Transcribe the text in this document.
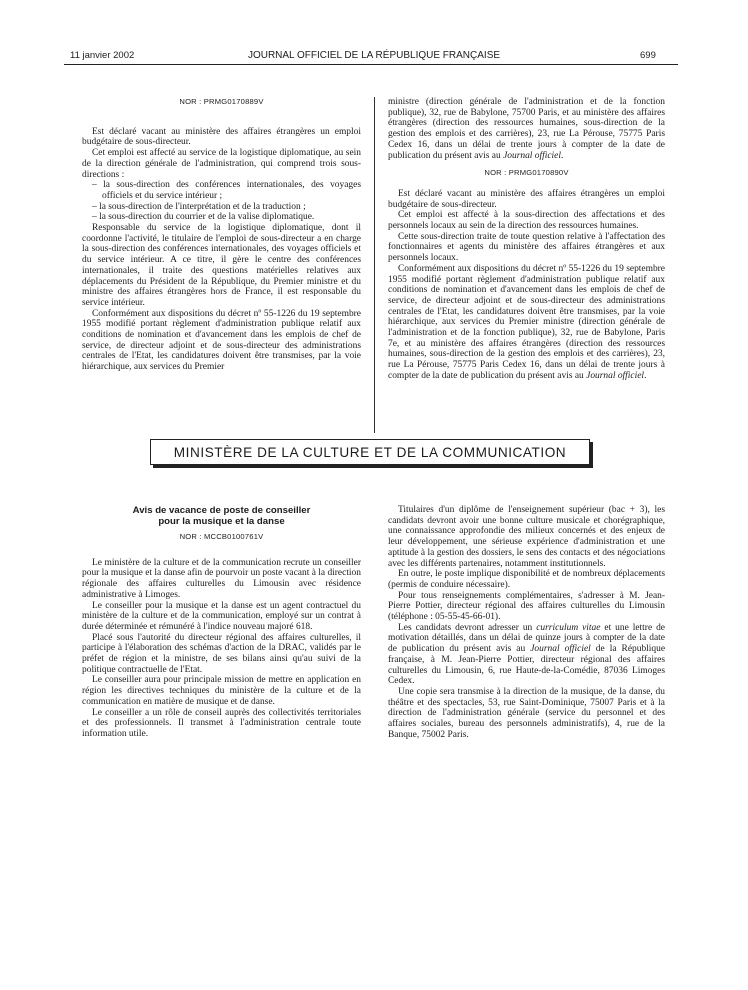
11 janvier 2002	JOURNAL OFFICIEL DE LA RÉPUBLIQUE FRANÇAISE	699

NOR : PRMG0170889V

Est déclaré vacant au ministère des affaires étrangères un emploi budgétaire de sous-directeur.

Cet emploi est affecté au service de la logistique diplomatique, au sein de la direction générale de l'administration, qui comprend trois sous-directions :

– la sous-direction des conférences internationales, des voyages officiels et du service intérieur ;
– la sous-direction de l'interprétation et de la traduction ;
– la sous-direction du courrier et de la valise diplomatique.

Responsable du service de la logistique diplomatique, dont il coordonne l'activité, le titulaire de l'emploi de sous-directeur a en charge la sous-direction des conférences internationales, des voyages officiels et du service intérieur. A ce titre, il gère le centre des conférences internationales, il traite des questions matérielles relatives aux déplacements du Président de la République, du Premier ministre et du ministre des affaires étrangères hors de France, il est responsable du service intérieur.

Conformément aux dispositions du décret nº 55-1226 du 19 septembre 1955 modifié portant règlement d'administration publique relatif aux conditions de nomination et d'avancement dans les emplois de chef de service, de directeur adjoint et de sous-directeur des administrations centrales de l'Etat, les candidatures doivent être transmises, par la voie hiérarchique, aux services du Premier

ministre (direction générale de l'administration et de la fonction publique), 32, rue de Babylone, 75700 Paris, et au ministère des affaires étrangères (direction des ressources humaines, sous-direction de la gestion des emplois et des carrières), 23, rue La Pérouse, 75775 Paris Cedex 16, dans un délai de trente jours à compter de la date de publication du présent avis au Journal officiel.

NOR : PRMG0170890V

Est déclaré vacant au ministère des affaires étrangères un emploi budgétaire de sous-directeur.

Cet emploi est affecté à la sous-direction des affectations et des personnels locaux au sein de la direction des ressources humaines.

Cette sous-direction traite de toute question relative à l'affectation des fonctionnaires et agents du ministère des affaires étrangères et aux personnels locaux.

Conformément aux dispositions du décret nº 55-1226 du 19 septembre 1955 modifié portant règlement d'administration publique relatif aux conditions de nomination et d'avancement dans les emplois de chef de service, de directeur adjoint et de sous-directeur des administrations centrales de l'Etat, les candidatures doivent être transmises, par la voie hiérarchique, aux services du Premier ministre (direction générale de l'administration et de la fonction publique), 32, rue de Babylone, Paris 7e, et au ministère des affaires étrangères (direction des ressources humaines, sous-direction de la gestion des emplois et des carrières), 23, rue La Pérouse, 75775 Paris Cedex 16, dans un délai de trente jours à compter de la date de publication du présent avis au Journal officiel.

MINISTÈRE DE LA CULTURE ET DE LA COMMUNICATION

Avis de vacance de poste de conseiller
pour la musique et la danse

NOR : MCCB0100761V

Le ministère de la culture et de la communication recrute un conseiller pour la musique et la danse afin de pourvoir un poste vacant à la direction régionale des affaires culturelles du Limousin avec résidence administrative à Limoges.

Le conseiller pour la musique et la danse est un agent contractuel du ministère de la culture et de la communication, employé sur un contrat à durée déterminée et rémunéré à l'indice nouveau majoré 618.

Placé sous l'autorité du directeur régional des affaires culturelles, il participe à l'élaboration des schémas d'action de la DRAC, validés par le préfet de région et la ministre, de ses bilans ainsi qu'au suivi de la politique contractuelle de l'Etat.

Le conseiller aura pour principale mission de mettre en application en région les directives techniques du ministère de la culture et de la communication en matière de musique et de danse.

Le conseiller a un rôle de conseil auprès des collectivités territoriales et des professionnels. Il transmet à l'administration centrale toute information utile.

Titulaires d'un diplôme de l'enseignement supérieur (bac + 3), les candidats devront avoir une bonne culture musicale et chorégraphique, une connaissance approfondie des milieux concernés et des enjeux de leur développement, une sérieuse expérience d'administration et une aptitude à la gestion des dossiers, le sens des contacts et des négociations avec les différents partenaires, notamment institutionnels.

En outre, le poste implique disponibilité et de nombreux déplacements (permis de conduire nécessaire).

Pour tous renseignements complémentaires, s'adresser à M. Jean-Pierre Pottier, directeur régional des affaires culturelles du Limousin (téléphone : 05-55-45-66-01).

Les candidats devront adresser un curriculum vitae et une lettre de motivation détaillés, dans un délai de quinze jours à compter de la date de publication du présent avis au Journal officiel de la République française, à M. Jean-Pierre Pottier, directeur régional des affaires culturelles du Limousin, 6, rue Haute-de-la-Comédie, 87036 Limoges Cedex.

Une copie sera transmise à la direction de la musique, de la danse, du théâtre et des spectacles, 53, rue Saint-Dominique, 75007 Paris et à la direction de l'administration générale (service du personnel et des affaires sociales, bureau des personnels administratifs), 4, rue de la Banque, 75002 Paris.
